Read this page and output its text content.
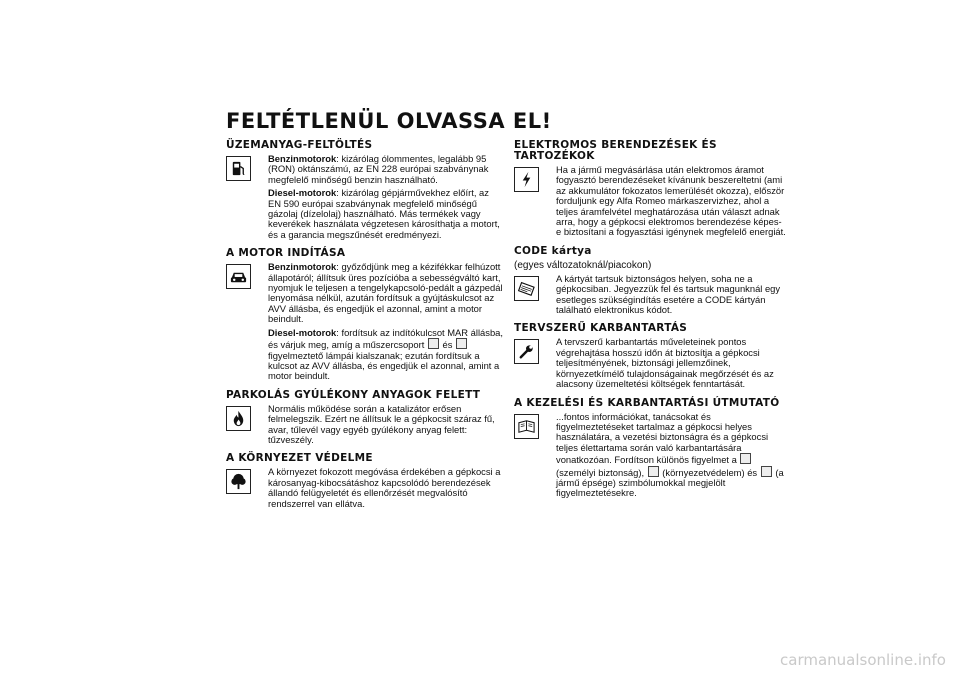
FELTÉTLENÜL OLVASSA EL!
ÜZEMANYAG-FELTÖLTÉS

Benzinmotorok: kizárólag ólommentes, legalább 95 (RON) oktánszámú, az EN 228 európai szabványnak megfelelő minőségű benzin használható.

Diesel-motorok: kizárólag gépjárművekhez előírt, az EN 590 európai szabványnak megfelelő minőségű gázolaj (dízelolaj) használható. Más termékek vagy keverékek használata végzetesen károsíthatja a motort, és a garancia megszűnését eredményezi.

A MOTOR INDÍTÁSA

Benzinmotorok: győződjünk meg a kézifékkar felhúzott állapotáról; állítsuk üres pozícióba a sebességváltó kart, nyomjuk le teljesen a tengelykapcsoló-pedált a gázpedál lenyomása nélkül, azután fordítsuk a gyújtáskulcsot az AVV állásba, és engedjük el azonnal, amint a motor beindult.

Diesel-motorok: fordítsuk az indítókulcsot MAR állásba, és várjuk meg, amíg a műszercsoport és  figyelmeztető lámpái kialszanak; ezután fordítsuk a kulcsot az AVV állásba, és engedjük el azonnal, amint a motor beindult.

PARKOLÁS GYÚLÉKONY ANYAGOK FELETT

Normális működése során a katalizátor erősen felmelegszik. Ezért ne állítsuk le a gépkocsit száraz fű, avar, tűlevél vagy egyéb gyúlékony anyag felett: tűzveszély.

A KÖRNYEZET VÉDELME

A környezet fokozott megóvása érdekében a gépkocsi a károsanyag-kibocsátáshoz kapcsolódó berendezések állandó felügyeletét és ellenőrzését megvalósító rendszerrel van ellátva.

ELEKTROMOS BERENDEZÉSEK ÉS TARTOZÉKOK

Ha a jármű megvásárlása után elektromos áramot fogyasztó berendezéseket kívánunk beszereltetni (ami az akkumulátor fokozatos lemerülését okozza), először forduljunk egy Alfa Romeo márkaszervizhez, ahol a teljes áramfelvétel meghatározása után választ adnak arra, hogy a gépkocsi elektromos berendezése képes-e biztosítani a fogyasztási igénynek megfelelő energiát.

CODE kártya
(egyes változatoknál/piacokon)

A kártyát tartsuk biztonságos helyen, soha ne a gépkocsiban. Jegyezzük fel és tartsuk magunknál egy esetleges szükségindítás esetére a CODE kártyán található elektronikus kódot.

TERVSZERŰ KARBANTARTÁS

A tervszerű karbantartás műveleteinek pontos végrehajtása hosszú időn át biztosítja a gépkocsi teljesítményének, biztonsági jellemzőinek, környezetkímélő tulajdonságainak megőrzését és az alacsony üzemeltetési költségek fenntartását.

A KEZELÉSI ÉS KARBANTARTÁSI ÚTMUTATÓ

...fontos információkat, tanácsokat és figyelmeztetéseket tartalmaz a gépkocsi helyes használatára, a vezetési biztonságra és a gépkocsi teljes élettartama során való karbantartására vonatkozóan. Fordítson különös figyelmet a  (személyi biztonság), (környezetvédelem) és (a jármű épsége) szimbólumokkal megjelölt figyelmeztetésekre.

carmanualsonline.info
